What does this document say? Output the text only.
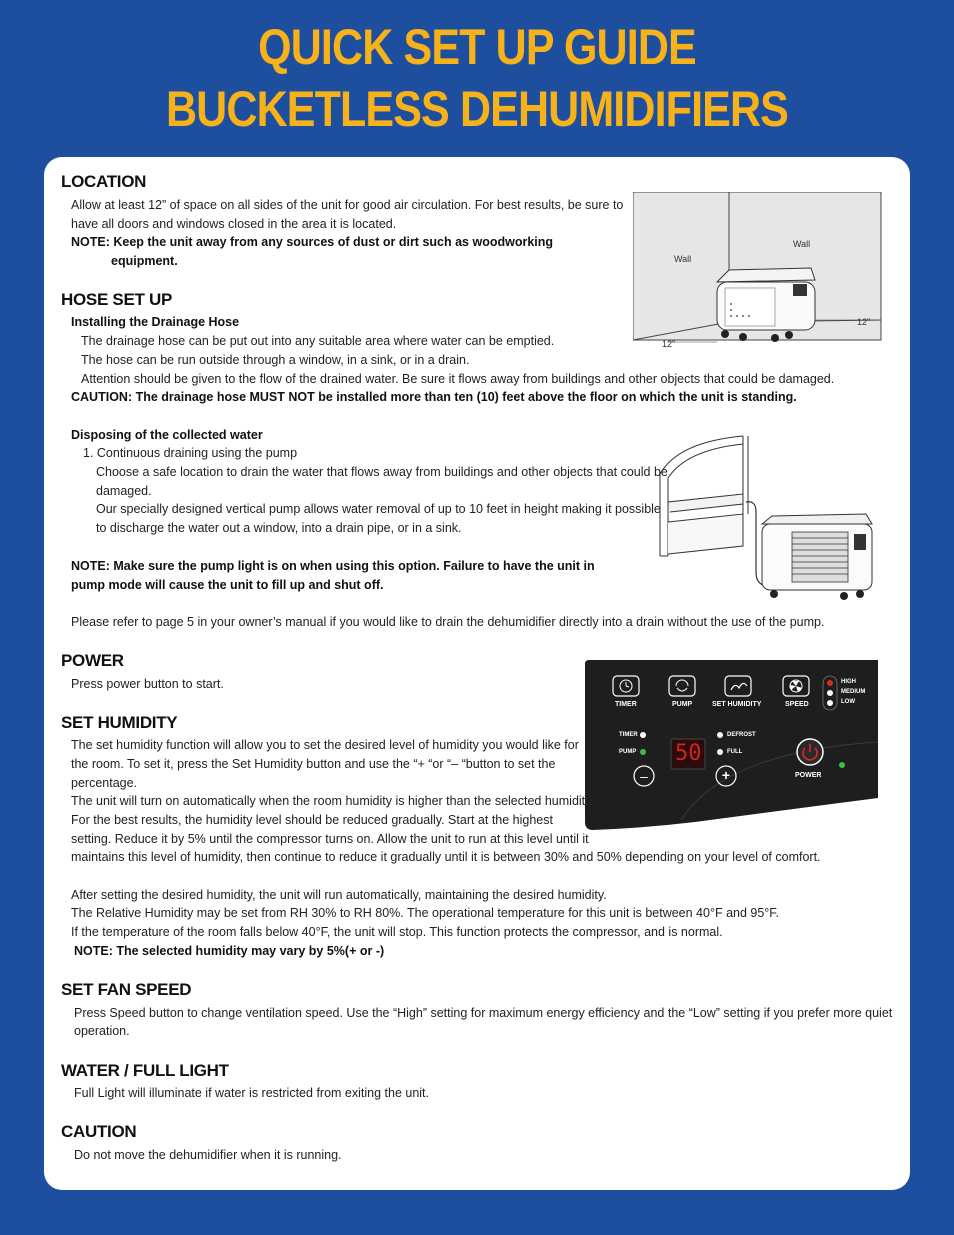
QUICK SET UP GUIDE
BUCKETLESS DEHUMIDIFIERS
LOCATION
Allow at least 12” of space on all sides of the unit for good air circulation. For best results, be sure to
have all doors and windows closed in the area it is located.
NOTE: Keep the unit away from any sources of dust or dirt such as woodworking
equipment.	Wall
Wall
12”
12”
HOSE SET UP
Installing the Drainage Hose
The drainage hose can be put out into any suitable area where water can be emptied.
The hose can be run outside through a window, in a sink, or in a drain.
Attention should be given to the flow of the drained water. Be sure it flows away from buildings and other objects that could be damaged.
CAUTION: The drainage hose MUST NOT be installed more than ten (10) feet above the floor on which the unit is standing.
Disposing of the collected water
1. Continuous draining using the pump
Choose a safe location to drain the water that flows away from buildings and other objects that could be
damaged.
Our specially designed vertical pump allows water removal of up to 10 feet in height making it possible
to discharge the water out a window, into a drain pipe, or in a sink.
NOTE: Make sure the pump light is on when using this option. Failure to have the unit in
pump mode will cause the unit to fill up and shut off.
Please refer to page 5 in your owner’s manual if you would like to drain the dehumidifier directly into a drain without the use of the pump.
POWER
Press power button to start.
TIMER	PUMP	SET HUMIDITY	SPEED
HIGH
MEDIUM
LOW
TIMER
PUMP
DEFROST
FULL
50
–	+	POWER
SET HUMIDITY
The set humidity function will allow you to set the desired level of humidity you would like for
the room. To set it, press the Set Humidity button and use the “+ “or “– “button to set the
percentage.
The unit will turn on automatically when the room humidity is higher than the selected humidity.
For the best results, the humidity level should be reduced gradually. Start at the highest
setting. Reduce it by 5% until the compressor turns on. Allow the unit to run at this level until it
maintains this level of humidity, then continue to reduce it gradually until it is between 30% and 50% depending on your level of comfort.
After setting the desired humidity, the unit will run automatically, maintaining the desired humidity.
The Relative Humidity may be set from RH 30% to RH 80%. The operational temperature for this unit is between 40°F and 95°F.
If the temperature of the room falls below 40°F, the unit will stop. This function protects the compressor, and is normal.
NOTE: The selected humidity may vary by 5%(+ or -)
SET FAN SPEED
Press Speed button to change ventilation speed. Use the “High” setting for maximum energy efficiency and the “Low” setting if you prefer more quiet
operation.
WATER / FULL LIGHT
Full Light will illuminate if water is restricted from exiting the unit.
CAUTION
Do not move the dehumidifier when it is running.
